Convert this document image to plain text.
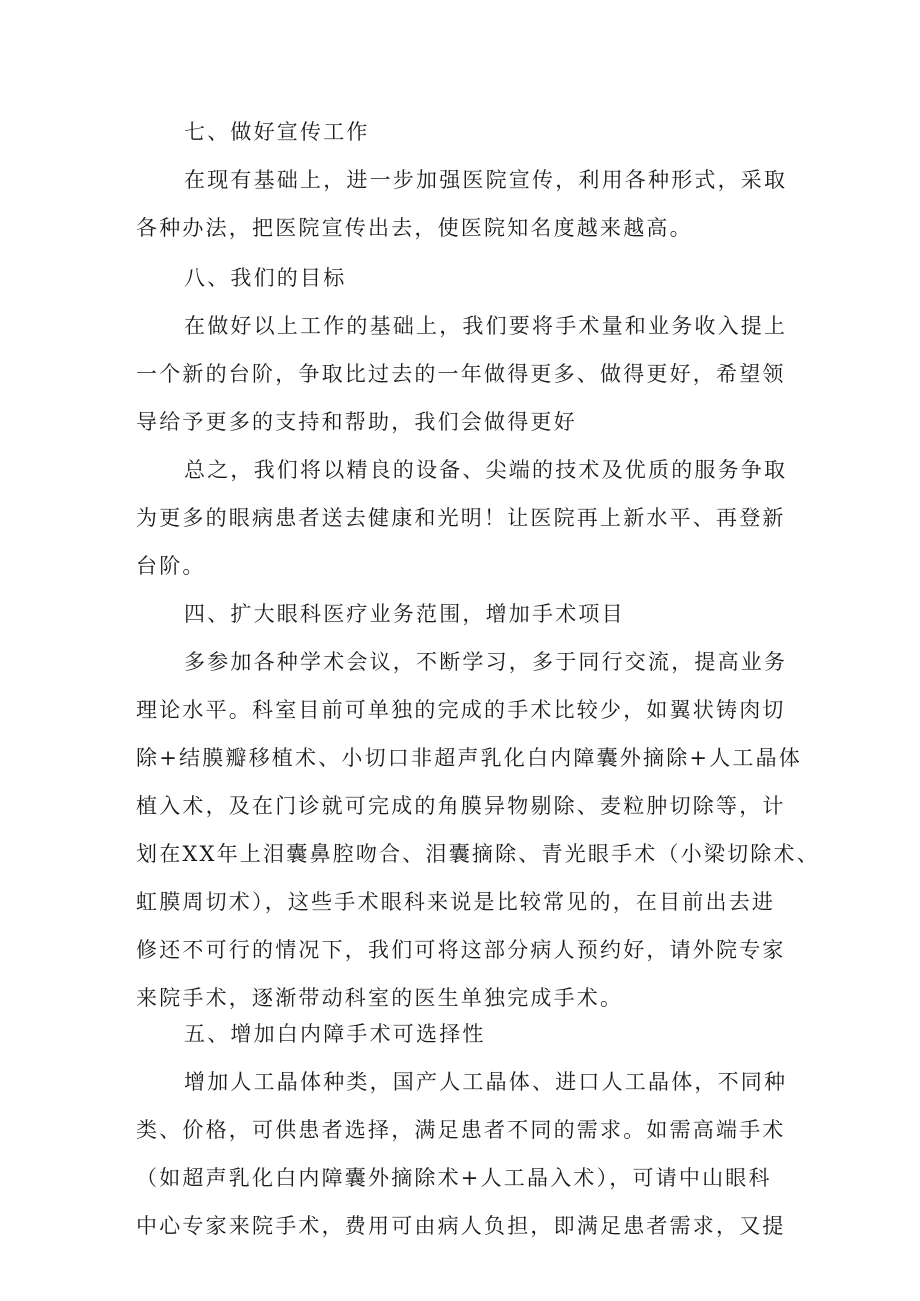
七、做好宣传工作
在现有基础上，进一步加强医院宣传，利用各种形式，采取
各种办法，把医院宣传出去，使医院知名度越来越高。
八、我们的目标
在做好以上工作的基础上，我们要将手术量和业务收入提上
一个新的台阶，争取比过去的一年做得更多、做得更好，希望领
导给予更多的支持和帮助，我们会做得更好
总之，我们将以精良的设备、尖端的技术及优质的服务争取
为更多的眼病患者送去健康和光明！让医院再上新水平、再登新
台阶。
四、扩大眼科医疗业务范围，增加手术项目
多参加各种学术会议，不断学习，多于同行交流，提高业务
理论水平。科室目前可单独的完成的手术比较少，如翼状铸肉切
除+结膜瓣移植术、小切口非超声乳化白内障囊外摘除+人工晶体
植入术，及在门诊就可完成的角膜异物剔除、麦粒肿切除等，计
划在XX年上泪囊鼻腔吻合、泪囊摘除、青光眼手术（小梁切除术、
虹膜周切术），这些手术眼科来说是比较常见的，在目前出去进
修还不可行的情况下，我们可将这部分病人预约好，请外院专家
来院手术，逐渐带动科室的医生单独完成手术。
五、增加白内障手术可选择性
增加人工晶体种类，国产人工晶体、进口人工晶体，不同种
类、价格，可供患者选择，满足患者不同的需求。如需高端手术
（如超声乳化白内障囊外摘除术+人工晶入术），可请中山眼科
中心专家来院手术，费用可由病人负担，即满足患者需求，又提
